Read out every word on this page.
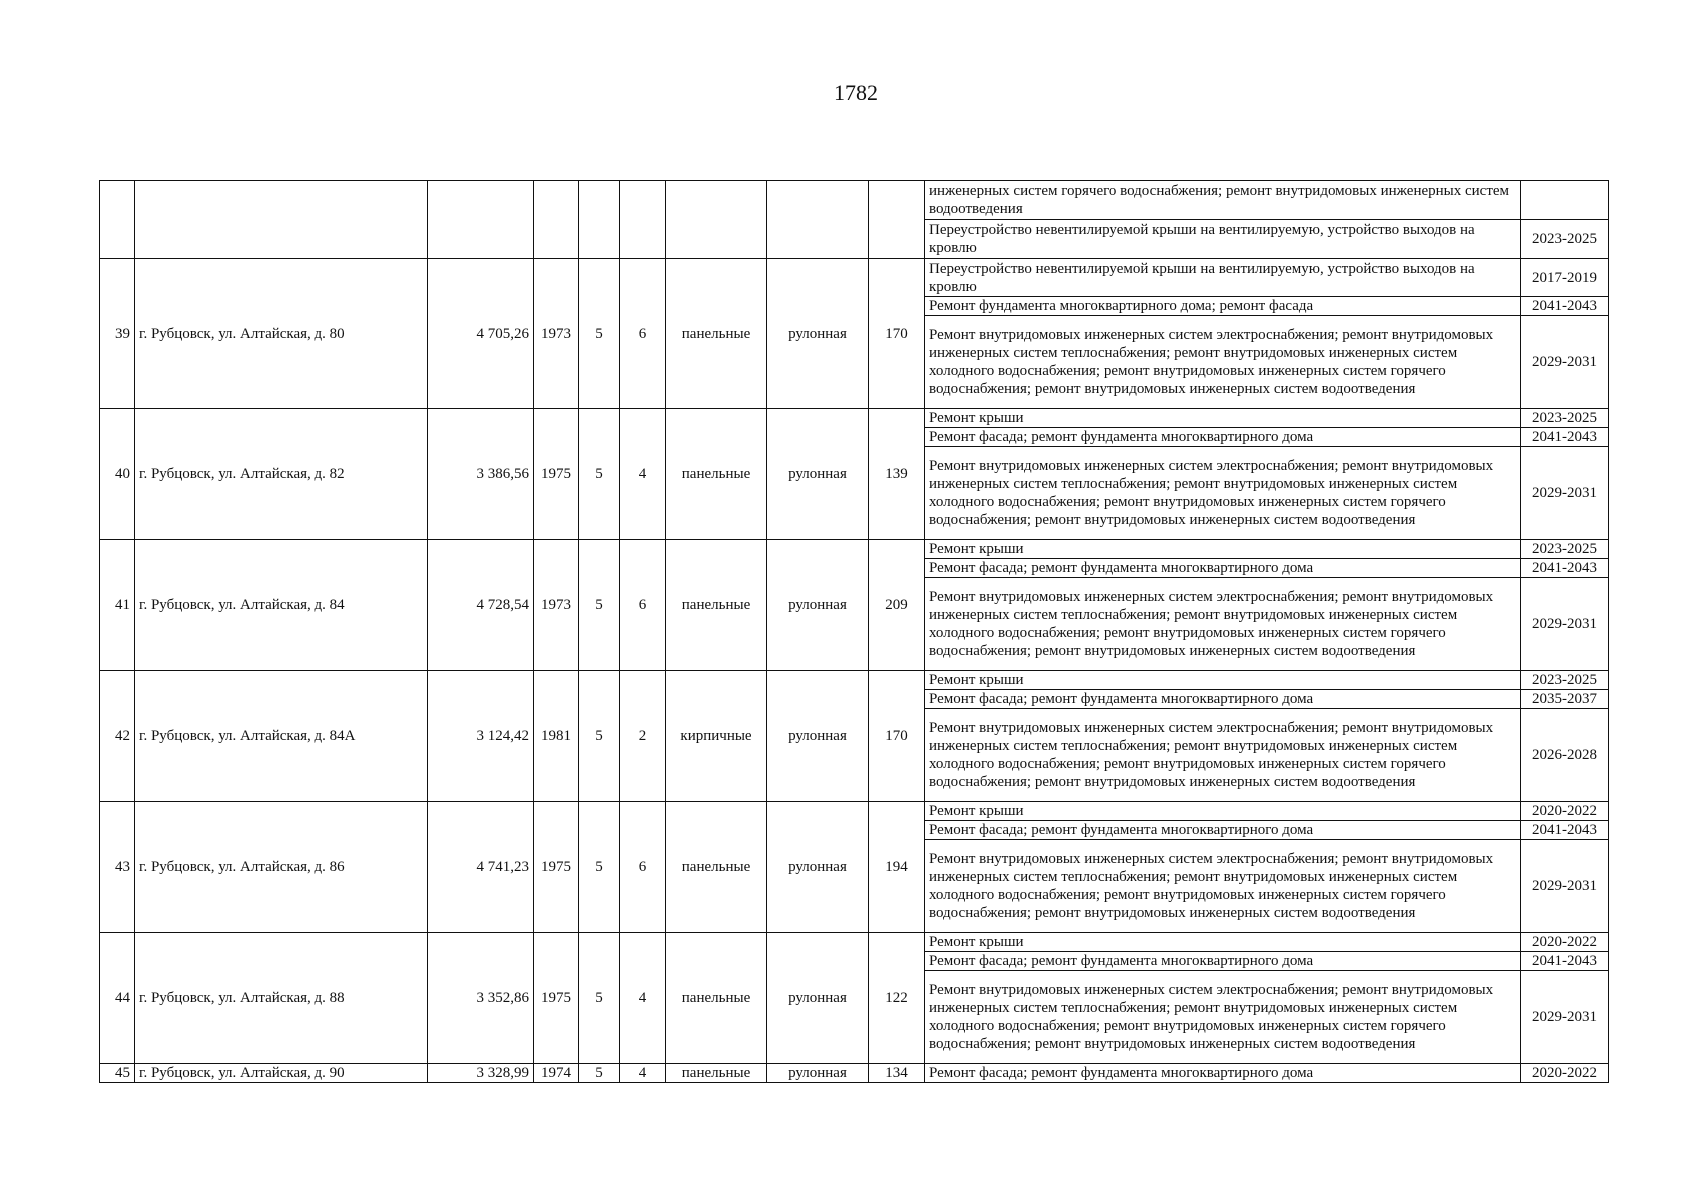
1782
									инженерных систем горячего водоснабжения; ремонт внутридомовых инженерных систем водоотведения	
									Переустройство невентилируемой крыши на вентилируемую, устройство выходов на кровлю	2023-2025
39	г. Рубцовск, ул. Алтайская, д. 80	4 705,26	1973	5	6	панельные	рулонная	170	Переустройство невентилируемой крыши на вентилируемую, устройство выходов на кровлю	2017-2019
									Ремонт фундамента многоквартирного дома; ремонт фасада	2041-2043
									Ремонт внутридомовых инженерных систем электроснабжения; ремонт внутридомовых инженерных систем теплоснабжения; ремонт внутридомовых инженерных систем холодного водоснабжения; ремонт внутридомовых инженерных систем горячего водоснабжения; ремонт внутридомовых инженерных систем водоотведения	2029-2031
40	г. Рубцовск, ул. Алтайская, д. 82	3 386,56	1975	5	4	панельные	рулонная	139	Ремонт крыши	2023-2025
									Ремонт фасада; ремонт фундамента многоквартирного дома	2041-2043
									Ремонт внутридомовых инженерных систем электроснабжения; ремонт внутридомовых инженерных систем теплоснабжения; ремонт внутридомовых инженерных систем холодного водоснабжения; ремонт внутридомовых инженерных систем горячего водоснабжения; ремонт внутридомовых инженерных систем водоотведения	2029-2031
41	г. Рубцовск, ул. Алтайская, д. 84	4 728,54	1973	5	6	панельные	рулонная	209	Ремонт крыши	2023-2025
									Ремонт фасада; ремонт фундамента многоквартирного дома	2041-2043
									Ремонт внутридомовых инженерных систем электроснабжения; ремонт внутридомовых инженерных систем теплоснабжения; ремонт внутридомовых инженерных систем холодного водоснабжения; ремонт внутридомовых инженерных систем горячего водоснабжения; ремонт внутридомовых инженерных систем водоотведения	2029-2031
42	г. Рубцовск, ул. Алтайская, д. 84А	3 124,42	1981	5	2	кирпичные	рулонная	170	Ремонт крыши	2023-2025
									Ремонт фасада; ремонт фундамента многоквартирного дома	2035-2037
									Ремонт внутридомовых инженерных систем электроснабжения; ремонт внутридомовых инженерных систем теплоснабжения; ремонт внутридомовых инженерных систем холодного водоснабжения; ремонт внутридомовых инженерных систем горячего водоснабжения; ремонт внутридомовых инженерных систем водоотведения	2026-2028
43	г. Рубцовск, ул. Алтайская, д. 86	4 741,23	1975	5	6	панельные	рулонная	194	Ремонт крыши	2020-2022
									Ремонт фасада; ремонт фундамента многоквартирного дома	2041-2043
									Ремонт внутридомовых инженерных систем электроснабжения; ремонт внутридомовых инженерных систем теплоснабжения; ремонт внутридомовых инженерных систем холодного водоснабжения; ремонт внутридомовых инженерных систем горячего водоснабжения; ремонт внутридомовых инженерных систем водоотведения	2029-2031
44	г. Рубцовск, ул. Алтайская, д. 88	3 352,86	1975	5	4	панельные	рулонная	122	Ремонт крыши	2020-2022
									Ремонт фасада; ремонт фундамента многоквартирного дома	2041-2043
									Ремонт внутридомовых инженерных систем электроснабжения; ремонт внутридомовых инженерных систем теплоснабжения; ремонт внутридомовых инженерных систем холодного водоснабжения; ремонт внутридомовых инженерных систем горячего водоснабжения; ремонт внутридомовых инженерных систем водоотведения	2029-2031
45	г. Рубцовск, ул. Алтайская, д. 90	3 328,99	1974	5	4	панельные	рулонная	134	Ремонт фасада; ремонт фундамента многоквартирного дома	2020-2022
